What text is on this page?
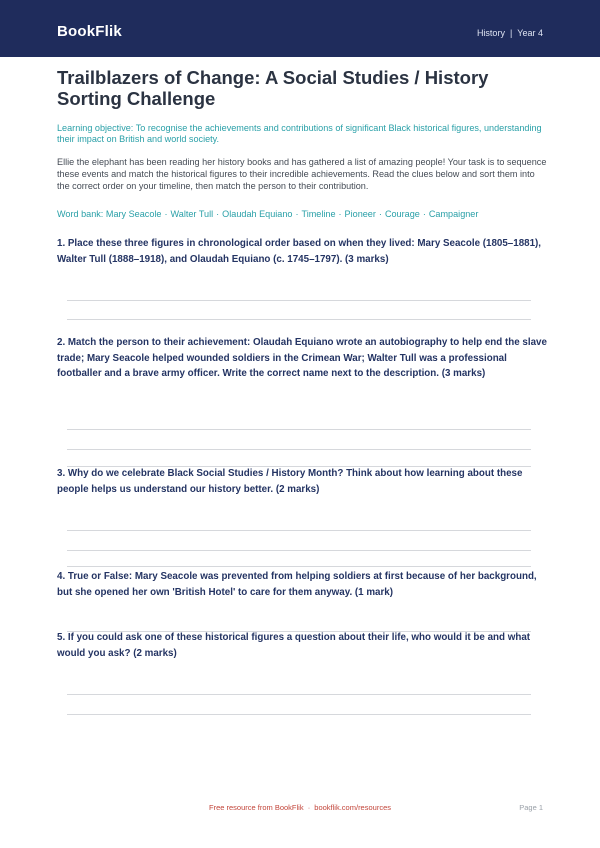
BookFlik	History | Year 4
Trailblazers of Change: A Social Studies / History Sorting Challenge
Learning objective: To recognise the achievements and contributions of significant Black historical figures, understanding their impact on British and world society.
Ellie the elephant has been reading her history books and has gathered a list of amazing people! Your task is to sequence these events and match the historical figures to their incredible achievements. Read the clues below and sort them into the correct order on your timeline, then match the person to their contribution.
Word bank: Mary Seacole · Walter Tull · Olaudah Equiano · Timeline · Pioneer · Courage · Campaigner
1. Place these three figures in chronological order based on when they lived: Mary Seacole (1805–1881), Walter Tull (1888–1918), and Olaudah Equiano (c. 1745–1797). (3 marks)
2. Match the person to their achievement: Olaudah Equiano wrote an autobiography to help end the slave trade; Mary Seacole helped wounded soldiers in the Crimean War; Walter Tull was a professional footballer and a brave army officer. Write the correct name next to the description. (3 marks)
3. Why do we celebrate Black Social Studies / History Month? Think about how learning about these people helps us understand our history better. (2 marks)
4. True or False: Mary Seacole was prevented from helping soldiers at first because of her background, but she opened her own 'British Hotel' to care for them anyway. (1 mark)
5. If you could ask one of these historical figures a question about their life, who would it be and what would you ask? (2 marks)
Free resource from BookFlik · bookflik.com/resources	Page 1
